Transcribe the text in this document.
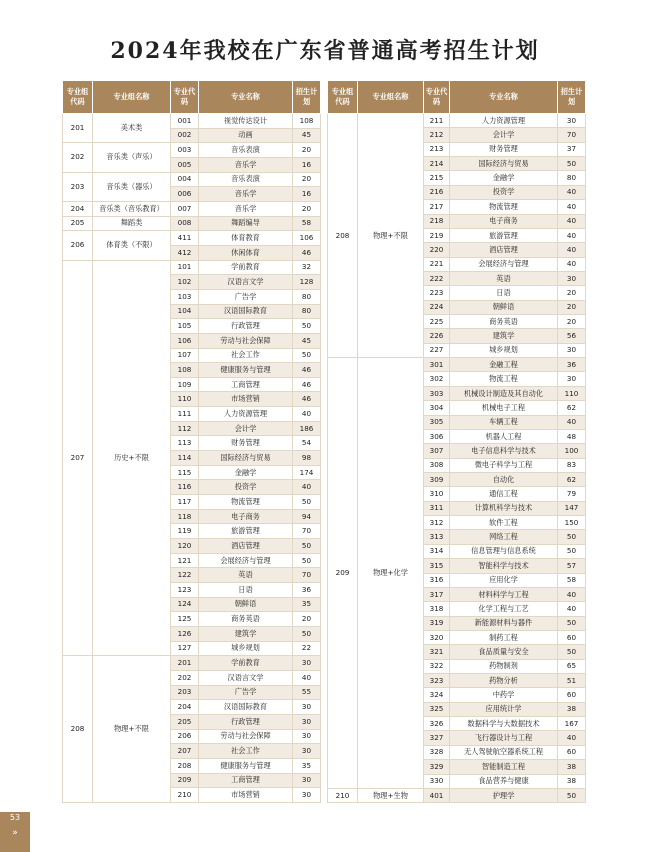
2024年我校在广东省普通高考招生计划
专业组代码	专业组名称	专业代码	专业名称	招生计划
201	美术类	001	视觉传达设计	108
		002	动画	45
202	音乐类（声乐）	003	音乐表演	20
		005	音乐学	16
203	音乐类（器乐）	004	音乐表演	20
		006	音乐学	16
204	音乐类（音乐教育）	007	音乐学	20
205	舞蹈类	008	舞蹈编导	58
206	体育类（不限）	411	体育教育	106
		412	休闲体育	46
207	历史+不限	101	学前教育	32
		102	汉语言文学	128
		103	广告学	80
		104	汉语国际教育	80
		105	行政管理	50
		106	劳动与社会保障	45
		107	社会工作	50
		108	健康服务与管理	46
		109	工商管理	46
		110	市场营销	46
		111	人力资源管理	40
		112	会计学	186
		113	财务管理	54
		114	国际经济与贸易	98
		115	金融学	174
		116	投资学	40
		117	物流管理	50
		118	电子商务	94
		119	旅游管理	70
		120	酒店管理	50
		121	会展经济与管理	50
		122	英语	70
		123	日语	36
		124	朝鲜语	35
		125	商务英语	20
		126	建筑学	50
		127	城乡规划	22
208	物理+不限	201	学前教育	30
		202	汉语言文学	40
		203	广告学	55
		204	汉语国际教育	30
		205	行政管理	30
		206	劳动与社会保障	30
		207	社会工作	30
		208	健康服务与管理	35
		209	工商管理	30
		210	市场营销	30
专业组代码	专业组名称	专业代码	专业名称	招生计划
208	物理+不限	211	人力资源管理	30
		212	会计学	70
		213	财务管理	37
		214	国际经济与贸易	50
		215	金融学	80
		216	投资学	40
		217	物流管理	40
		218	电子商务	40
		219	旅游管理	40
		220	酒店管理	40
		221	会展经济与管理	40
		222	英语	30
		223	日语	20
		224	朝鲜语	20
		225	商务英语	20
		226	建筑学	56
		227	城乡规划	30
209	物理+化学	301	金融工程	36
		302	物流工程	30
		303	机械设计制造及其自动化	110
		304	机械电子工程	62
		305	车辆工程	40
		306	机器人工程	48
		307	电子信息科学与技术	100
		308	微电子科学与工程	83
		309	自动化	62
		310	通信工程	79
		311	计算机科学与技术	147
		312	软件工程	150
		313	网络工程	50
		314	信息管理与信息系统	50
		315	智能科学与技术	57
		316	应用化学	58
		317	材料科学与工程	40
		318	化学工程与工艺	40
		319	新能源材料与器件	50
		320	制药工程	60
		321	食品质量与安全	50
		322	药物制剂	65
		323	药物分析	51
		324	中药学	60
		325	应用统计学	38
		326	数据科学与大数据技术	167
		327	飞行器设计与工程	40
		328	无人驾驶航空器系统工程	60
		329	智能制造工程	38
		330	食品营养与健康	38
210	物理+生物	401	护理学	50
53
»
